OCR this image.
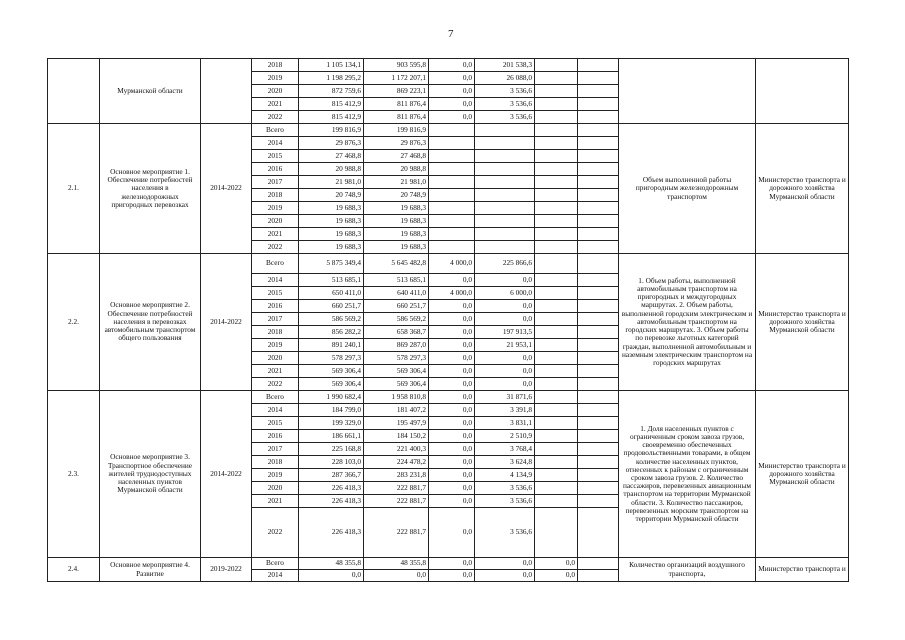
7
	Мурманской области		2018	1 105 134,1	903 595,8	0,0	201 538,3				
			2019	1 198 295,2	1 172 207,1	0,0	26 088,0				
			2020	872 759,6	869 223,1	0,0	3 536,6				
			2021	815 412,9	811 876,4	0,0	3 536,6				
			2022	815 412,9	811 876,4	0,0	3 536,6				
2.1.	Основное мероприятие 1. Обеспечение потребностей населения в железнодорожных пригородных перевозках	2014-2022	Всего	199 816,9	199 816,9					Объем выполненной работы пригородным железнодорожным транспортом	Министерство транспорта и дорожного хозяйства Мурманской области
			2014	29 876,3	29 876,3						
			2015	27 468,8	27 468,8						
			2016	20 988,8	20 988,8						
			2017	21 981,0	21 981,0						
			2018	20 748,9	20 748,9						
			2019	19 688,3	19 688,3						
			2020	19 688,3	19 688,3						
			2021	19 688,3	19 688,3						
			2022	19 688,3	19 688,3						
2.2.	Основное мероприятие 2. Обеспечение потребностей населения в перевозках автомобильным транспортом общего пользования	2014-2022	Всего	5 875 349,4	5 645 482,8	4 000,0	225 866,6			1. Объем работы, выполненной автомобильным транспортом на пригородных и междугородных маршрутах. 2. Объем работы, выполненной городским электрическим и автомобильным транспортом на городских маршрутах. 3. Объем работы по перевозке льготных категорий граждан, выполненной автомобильным и наземным электрическим транспортом на городских маршрутах	Министерство транспорта и дорожного хозяйства Мурманской области
			2014	513 685,1	513 685,1	0,0	0,0				
			2015	650 411,0	640 411,0	4 000,0	6 000,0				
			2016	660 251,7	660 251,7	0,0	0,0				
			2017	586 569,2	586 569,2	0,0	0,0				
			2018	856 282,2	658 368,7	0,0	197 913,5				
			2019	891 240,1	869 287,0	0,0	21 953,1				
			2020	578 297,3	578 297,3	0,0	0,0				
			2021	569 306,4	569 306,4	0,0	0,0				
			2022	569 306,4	569 306,4	0,0	0,0				
2.3.	Основное мероприятие 3. Транспортное обеспечение жителей труднодоступных населенных пунктов Мурманской области	2014-2022	Всего	1 990 682,4	1 958 810,8	0,0	31 871,6			1. Доля населенных пунктов с ограниченным сроком завоза грузов, своевременно обеспеченных продовольственными товарами, в общем количестве населенных пунктов, отнесенных к районам с ограниченным сроком завоза грузов. 2. Количество пассажиров, перевезенных авиационным транспортом на территории Мурманской области. 3. Количество пассажиров, перевезенных морским транспортом на территории Мурманской области	Министерство транспорта и дорожного хозяйства Мурманской области
			2014	184 799,0	181 407,2	0,0	3 391,8				
			2015	199 329,0	195 497,9	0,0	3 831,1				
			2016	186 661,1	184 150,2	0,0	2 510,9				
			2017	225 168,8	221 400,3	0,0	3 768,4				
			2018	228 103,0	224 478,2	0,0	3 624,8				
			2019	287 366,7	283 231,8	0,0	4 134,9				
			2020	226 418,3	222 881,7	0,0	3 536,6				
			2021	226 418,3	222 881,7	0,0	3 536,6				
			2022	226 418,3	222 881,7	0,0	3 536,6				
2.4.	Основное мероприятие 4. Развитие	2019-2022	Всего	48 355,8	48 355,8	0,0	0,0	0,0		Количество организаций воздушного транспорта,	Министерство транспорта и
			2014	0,0	0,0	0,0	0,0	0,0			
